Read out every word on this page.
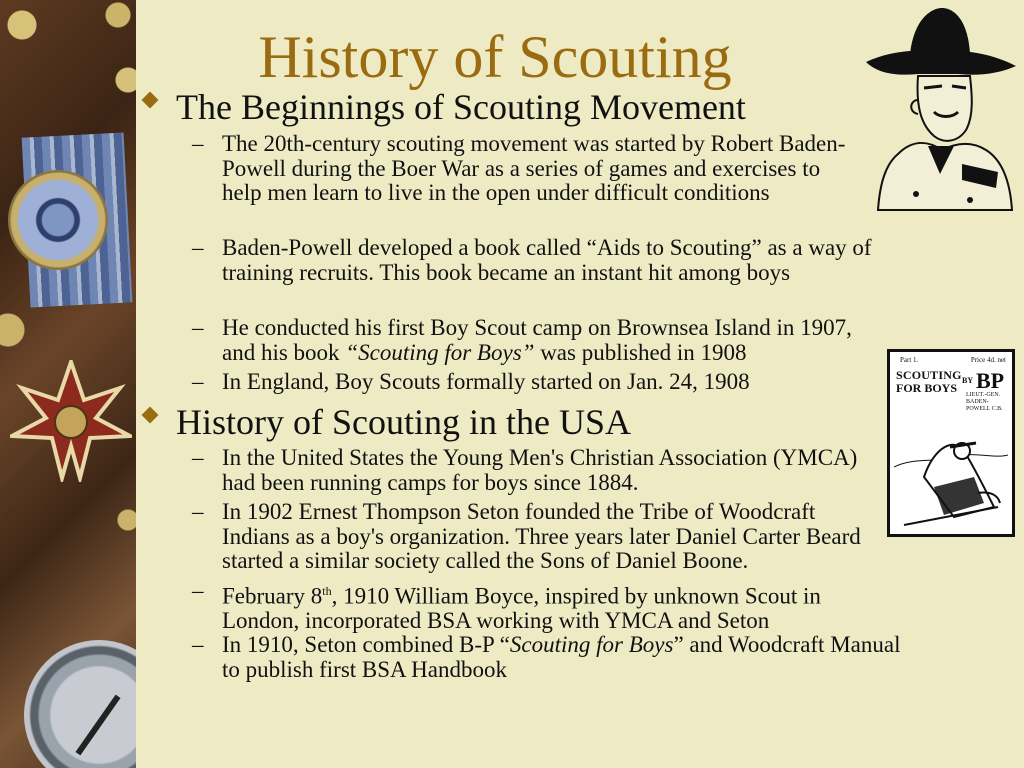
History of Scouting
The Beginnings of Scouting Movement
– The 20th-century scouting movement was started by Robert Baden-Powell during the Boer War as a series of games and exercises to help men learn to live in the open under difficult conditions
– Baden-Powell developed a book called “Aids to Scouting” as a way of training recruits. This book became an instant hit among boys
– He conducted his first Boy Scout camp on Brownsea Island in 1907, and his book “Scouting for Boys” was published in 1908
– In England, Boy Scouts formally started on Jan. 24, 1908
History of Scouting in the USA
– In the United States the Young Men's Christian Association (YMCA) had been running camps for boys since 1884.
– In 1902 Ernest Thompson Seton founded the Tribe of Woodcraft Indians as a boy's organization. Three years later Daniel Carter Beard started a similar society called the Sons of Daniel Boone.
– February 8th, 1910 William Boyce, inspired by unknown Scout in London, incorporated BSA working with YMCA and Seton
– In 1910, Seton combined B-P “Scouting for Boys” and Woodcraft Manual to publish first BSA Handbook
Part 1.	Price 4d. net
SCOUTING
FOR BOYS
BY BP
LIEUT.-GEN.
BADEN-POWELL C.B.
